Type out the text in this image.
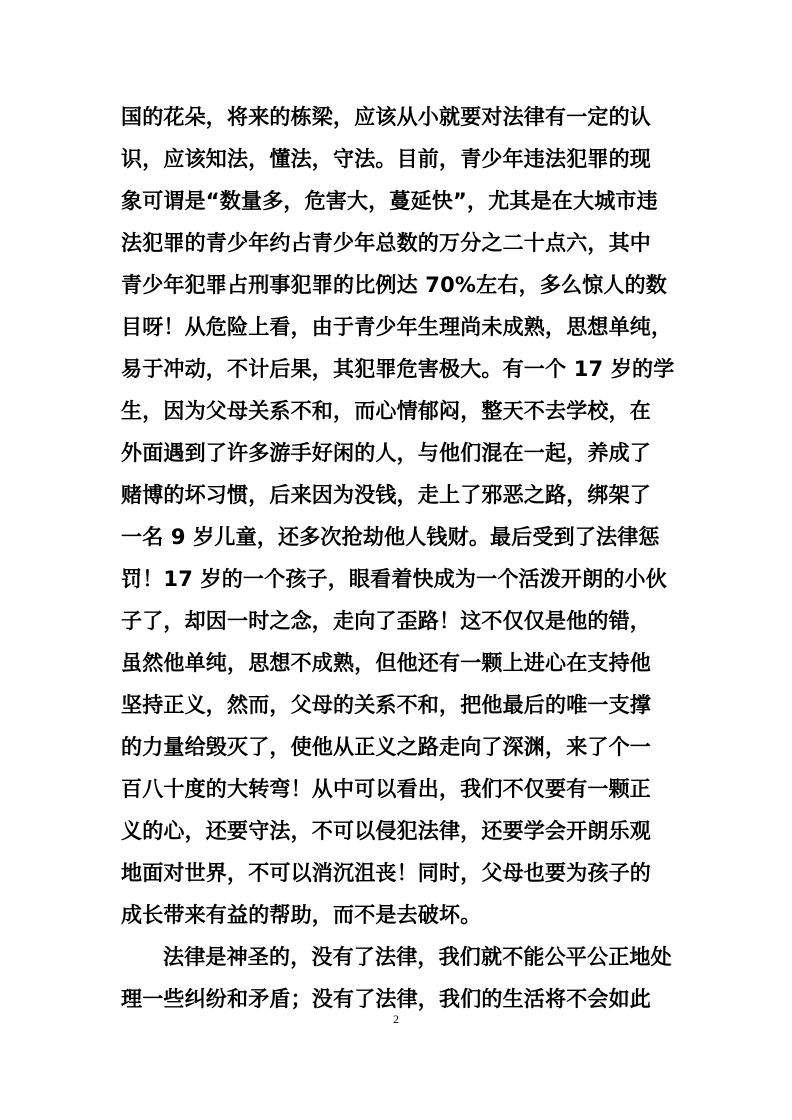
国的花朵，将来的栋梁，应该从小就要对法律有一定的认
识，应该知法，懂法，守法。目前，青少年违法犯罪的现
象可谓是“数量多，危害大，蔓延快”，尤其是在大城市违
法犯罪的青少年约占青少年总数的万分之二十点六，其中
青少年犯罪占刑事犯罪的比例达 70%左右，多么惊人的数
目呀！从危险上看，由于青少年生理尚未成熟，思想单纯，
易于冲动，不计后果，其犯罪危害极大。有一个 17 岁的学
生，因为父母关系不和，而心情郁闷，整天不去学校，在
外面遇到了许多游手好闲的人，与他们混在一起，养成了
赌博的坏习惯，后来因为没钱，走上了邪恶之路，绑架了
一名 9 岁儿童，还多次抢劫他人钱财。最后受到了法律惩
罚！17 岁的一个孩子，眼看着快成为一个活泼开朗的小伙
子了，却因一时之念，走向了歪路！这不仅仅是他的错，
虽然他单纯，思想不成熟，但他还有一颗上进心在支持他
坚持正义，然而，父母的关系不和，把他最后的唯一支撑
的力量给毁灭了，使他从正义之路走向了深渊，来了个一
百八十度的大转弯！从中可以看出，我们不仅要有一颗正
义的心，还要守法，不可以侵犯法律，还要学会开朗乐观
地面对世界，不可以消沉沮丧！同时，父母也要为孩子的
成长带来有益的帮助，而不是去破坏。
法律是神圣的，没有了法律，我们就不能公平公正地处
理一些纠纷和矛盾；没有了法律，我们的生活将不会如此
2
